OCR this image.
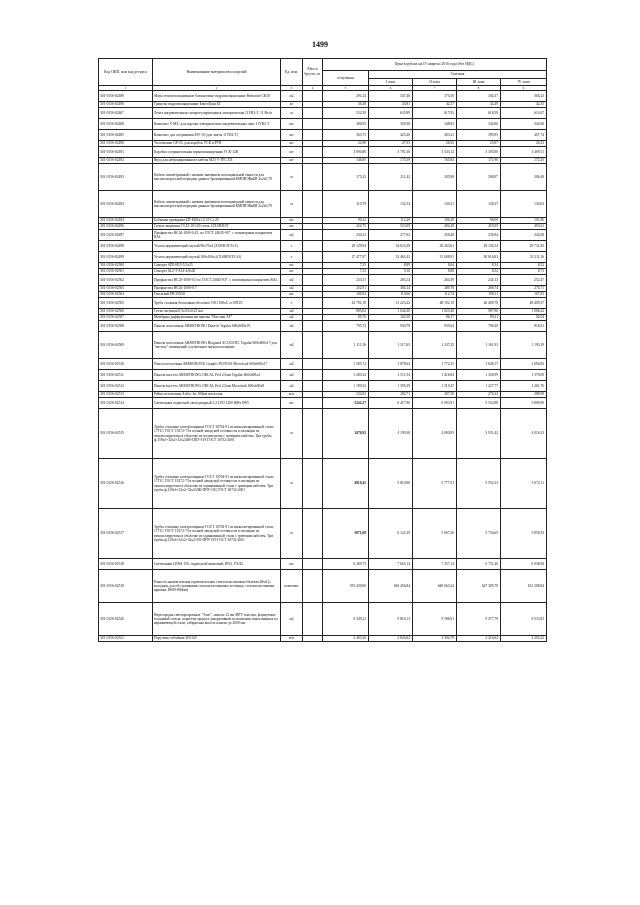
1499
Код ОКП, или код ресурса	Наименование материалов и изделий	Ед. изм.	Масса брутто, кг	Цена в рублях на IV квартал 2016 года (без НДС)				
				отпускная	Сметная			
					I зона	II зона	III зона	IV зона
1	2	3	4	5	6	7	8	9
301-0156-02489	Маты теплоизоляционные базальтовые гидроизоляционные Bentonite CR10	м2		291,24	347,46	370,10	304,37	304,23
301-0156-02490	Гранулы гидроизоляционные БентоГран БГ	кг		36,38	43,81	42,37	42,49	42,35
301-0156-02467	Лента нагревательная саморегулирующаяся электрическая 11VR2-T, 11 Вт/м	м		532,39	635,99	617,92	618,58	614,67
301-0156-02468	Комплект V-MZ, для заделки электрических нагревательных лент 11VR2-T	шт		306,95	359,38	348,83	344,86	342,60
301-0156-02485	Комплект для соединения MY-10 (для ленты 11VR2-T)	шт		363,75	425,20	403,41	399,93	407,74
301-0156-02490	Уплотнение GP-25, для коробок УСК и РТВ	шт		22,98	27,53	26,92	25,87	26,43
301-0156-02491	Коробка соединительная взрывозащищенная УСК-12К	шт		3 094,80	3 701,36	3 543,12	3 305,00	3 409,51
301-0156-02492	Ввод для небронированного кабеля M25 V-TEC EX	шт		146,85	175,59	165,84	171,96	172,45
301-0156-02493	Кабель симметричный с низким значением потенциальной емкости для высокоскоростной передачи данных бронированный КМПВЭВнБВ 4х2х0,78	м		175,23	211,42	205,98	208,07	206,49
301-0156-02494	Кабель симметричный с низким значением потенциальной емкости для высокоскоростной передачи данных бронированный КМПВЭВнБВ 2х2х0,78	м		110,79	132,54	130,31	128,37	130,63
301-0156-02494	Бобышка приварная БП-M20х1,5-25 Ст.20	шт		90,32	112,28	106,29	98,60	101,86
301-0156-02496	Гильза защитная ГЗ 25-10-120 сталь 12Х18Н10Т	шт		424,75	523,09	494,28	455,05	493,61
301-0156-02497	Профнастил НС44-1000-0,45, по ГОСТ 24045-94*, с полимерным покрытием RAL	м2		230,23	277,92	258,48	236,94	242,08
301-0156-02498	Уголок нержавеющий гнутый 90х70х4 (Х18Н10Т/Ст3)	т		29 129,94	34 633,38	30 263,61	29 136,14	29 731,83
301-0156-02499	Уголок нержавеющий гнутый 100х100х4 (Х18Н10Т/Ст3)	т		27 477,97	32 463,43	31 008,91	30 616,83	31 211,16
301-0156-02500	Саморез SD5-H15-5,5х25	шт		7,35	8,89	8,64	8,34	8,52
301-0156-02501	Саморез SL2-T-A14-4,8х20	шт		7,53	9,10	8,88	8,54	8,71
301-0156-02502	Профнастил НС20-1000-0,5 по ГОСТ 24045-94*, с полимерным покрытием RAL	м2		233,31	283,14	264,39	245,13	252,47
301-0156-02503	Профнастил НС44-1000-0,7	м2		252,91	304,14	289,78	268,74	276,71
301-0156-02504	Гексагвай PH 50X50	шт		100,92	119,66	112,74	108,11	107,81
301-0156-02505	Труба стальная бесшовная оболочка VSO 168х5, ст.09Г2С	т		43 791,19	51 223,22	48 192,19	46 409,78	48 409,37
301-0156-02506	Сетка латунная 0,5х0,5х0,25 мм	м2		885,02	1 044,30	1 025,40	987,96	1 006,22
301-0156-02507	Мембрана диффузионная негорючая "Изоспан AF"	м2		85,76	102,50	96,37	89,31	92,04
301-0156-02508	Панель потолочная ARMSTRONG Dune tb Tegular 600х600х19	м2		795,72	930,78	935,64	796,20	818,41
301-0156-02509	Панель потолочная ARMSTRONG Bioguard ACOUSTIC Tegular 600х600х17 для "чистых" помещений, улучшенное звукопоглощение	м2		1 111,56	1 317,65	1 247,25	1 161,93	1 193,19
301-0156-02510	Плита потолочная ARMSTRONG Graphis PUNTOS Microlook 600х600х17	м2		1 585,72	1 878,64	1 772,55	1 649,17	1 694,83
301-0156-02511	Панель-кассета ARMSTRONG ORCAL Perf 2,5мм Tegular 600х600х4	м2		1 285,34	1 511,54	1 416,84	1 336,99	1 370,00
301-0156-02512	Панель-кассета ARMSTRONG ORCAL Perf 2,5мм Microlook 600х600х8	м2		1 180,52	1 395,29	1 319,47	1 227,77	1 261,76
301-0156-02513	Рейка потолочная Албес 4м 100мм металлик	м/п		234,82	282,71	287,30	276,34	288,99
301-0156-02514	Светильник подвесной светодиодный 1,2 LFD 1200 60Вт IP65	шт		5242,27	6 417,96	6 093,91	5 552,88	5 809,90
301-0156-02515	Трубы стальные электросварные ГОСТ 10704-91 из низколегированной стали 17Г1С ГОСТ 19272-73 в полной заводской готовности в изоляции из пенополиуретана в оболочке из полиэтилена с греющим кабелем. Три трубы ф.159х5+32х2+32х2/280-ППУ-ПЭ ГОСТ 30732-2001	м		3476,92	4 199,38	4 090,83	3 931,42	4 016,23
301-0156-02516	Трубы стальные электросварные ГОСТ 10704-91 из низколегированной стали 17Г1С ГОСТ 19272-73 в полной заводской готовности в изоляции из пенополиуретана в оболочке из оцинкованной стали с греющим кабелем. Три трубы ф.219х6+32х2+32х2/280-ППУ-ОЦ ГОСТ 30732-2001	м		4910,45	5 810,80	5 777,51	5 552,33	5 672,11
301-0156-02517	Трубы стальные электросварные ГОСТ 10704-91 из низколегированной стали 17Г1С ГОСТ 19272-73 в полной заводской готовности в изоляции из пенополиуретана в оболочке из оцинкованной стали с греющим кабелем. Три трубы ф.219х6+32х2+32х2/355-ППУ-ПЭ ГОСТ 30732-2001	м		5071,68	6 122,39	5 967,20	5 734,65	5 858,33
301-0156-02518	Светильник LBNS-150, подвесной/ламповый, IP54, УХЛ2	шт		6 269,75	7 665,14	7 257,14	6 731,40	6 938,94
301-0156-02519	Емкость накопительная горизонтальная стеклопластиковая объемом 40м3 (с колодцем для обслуживания стеклопластиковым лестница, стеклопластиковая крышка, D600-800мм)	комплект		553 430,00	663 456,84	640 663,24	627 389,78	631 208,84
301-0156-02520	Нерегородка светопрозрачные "Элит", панели 12 мм МРТ-пластик, формуемые толщиной стекла, пористые пряди в декоративном исполнении, выполненных из нержавеющей стали, габаритная высота панели до 2000 мм	м2		8 349,21	9 816,13	9 586,91	9 477,79	9 533,81
301-0156-02521	Поручень-отбойник WG145	м/п		2 403,36	2 843,62	2 394,79	2 216,62	2 293,22
